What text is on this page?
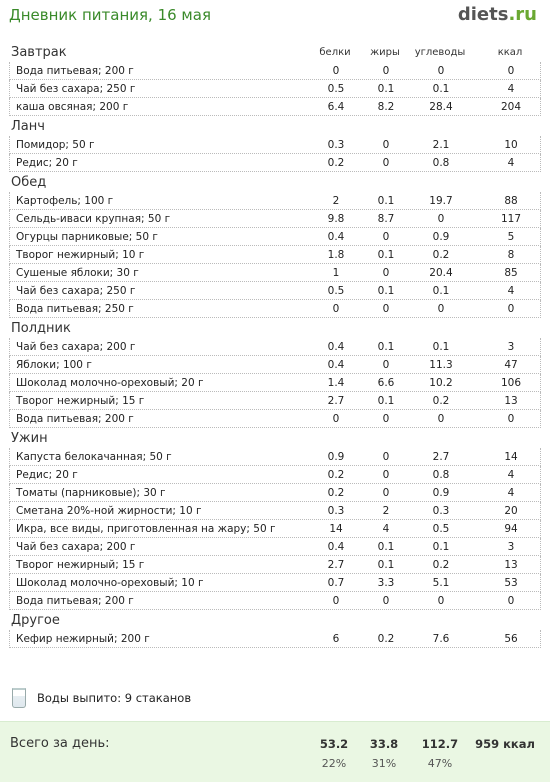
Дневник питания, 16 мая	diets.ru
белки	жиры	углеводы	ккал
Завтрак
Вода питьевая; 200 г	0	0	0	0
Чай без сахара; 250 г	0.5	0.1	0.1	4
каша овсяная; 200 г	6.4	8.2	28.4	204
Ланч
Помидор; 50 г	0.3	0	2.1	10
Редис; 20 г	0.2	0	0.8	4
Обед
Картофель; 100 г	2	0.1	19.7	88
Сельдь-иваси крупная; 50 г	9.8	8.7	0	117
Огурцы парниковые; 50 г	0.4	0	0.9	5
Творог нежирный; 10 г	1.8	0.1	0.2	8
Сушеные яблоки; 30 г	1	0	20.4	85
Чай без сахара; 250 г	0.5	0.1	0.1	4
Вода питьевая; 250 г	0	0	0	0
Полдник
Чай без сахара; 200 г	0.4	0.1	0.1	3
Яблоки; 100 г	0.4	0	11.3	47
Шоколад молочно-ореховый; 20 г	1.4	6.6	10.2	106
Творог нежирный; 15 г	2.7	0.1	0.2	13
Вода питьевая; 200 г	0	0	0	0
Ужин
Капуста белокачанная; 50 г	0.9	0	2.7	14
Редис; 20 г	0.2	0	0.8	4
Томаты (парниковые); 30 г	0.2	0	0.9	4
Сметана 20%-ной жирности; 10 г	0.3	2	0.3	20
Икра, все виды, приготовленная на жару; 50 г	14	4	0.5	94
Чай без сахара; 200 г	0.4	0.1	0.1	3
Творог нежирный; 15 г	2.7	0.1	0.2	13
Шоколад молочно-ореховый; 10 г	0.7	3.3	5.1	53
Вода питьевая; 200 г	0	0	0	0
Другое
Кефир нежирный; 200 г	6	0.2	7.6	56
Воды выпито: 9 стаканов
Всего за день:	53.2	33.8	112.7	959 ккал
22%	31%	47%
